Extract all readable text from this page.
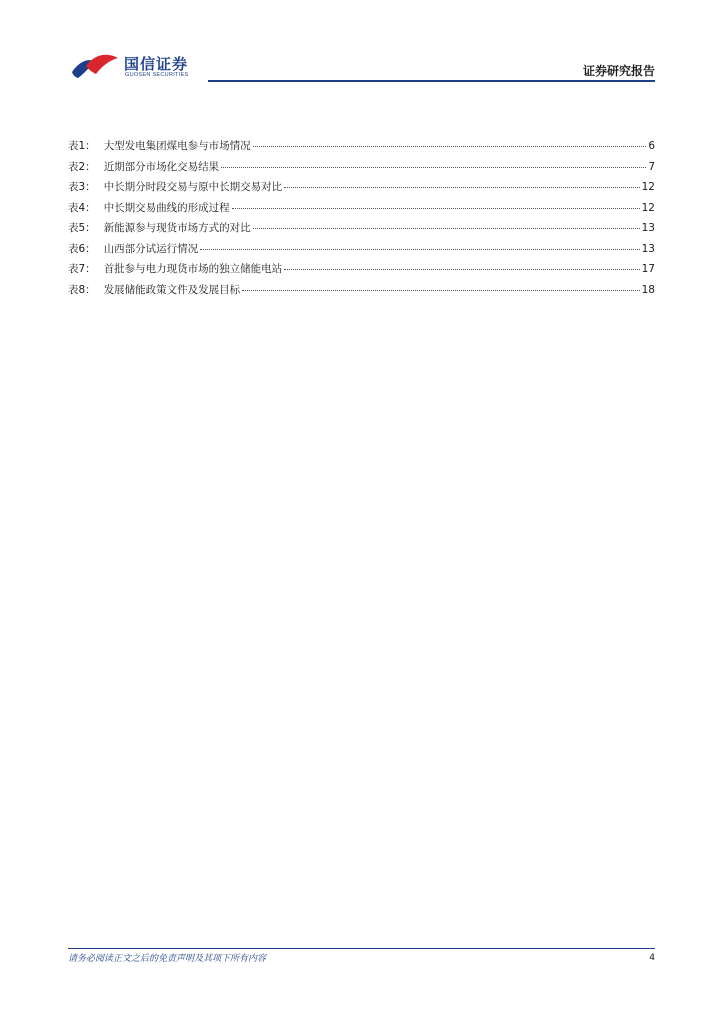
国信证券
GUOSEN SECURITIES	证券研究报告
表1： 大型发电集团煤电参与市场情况	6
表2： 近期部分市场化交易结果	7
表3： 中长期分时段交易与原中长期交易对比	12
表4： 中长期交易曲线的形成过程	12
表5： 新能源参与现货市场方式的对比	13
表6： 山西部分试运行情况	13
表7： 首批参与电力现货市场的独立储能电站	17
表8： 发展储能政策文件及发展目标	18
请务必阅读正文之后的免责声明及其项下所有内容	4
